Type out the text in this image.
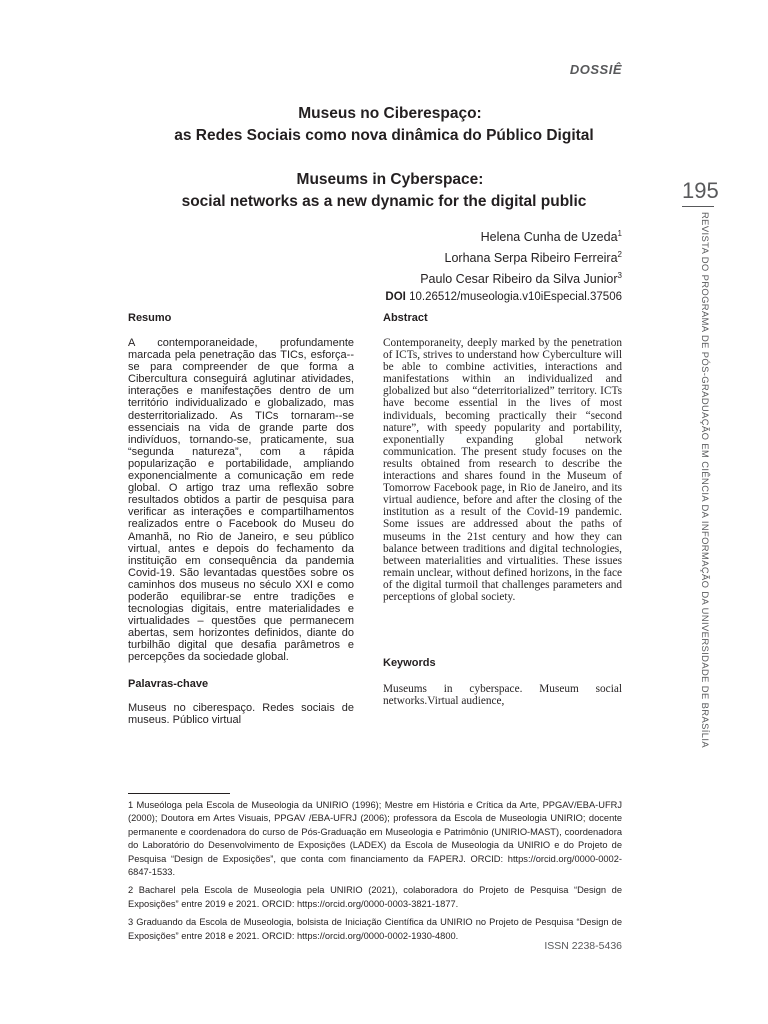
DOSSIÊ
Museus no Ciberespaço:
as Redes Sociais como nova dinâmica do Público Digital
Museums in Cyberspace:
social networks as a new dynamic for the digital public	195
REVISTA DO PROGRAMA DE PÓS-GRADUAÇÃO EM CIÊNCIA DA INFORMAÇÃO DA UNIVERSIDADE DE BRASÍLIA
Helena Cunha de Uzeda$^1$
Lorhana Serpa Ribeiro Ferreira$^2$
Paulo Cesar Ribeiro da Silva Junior$^3$
DOI 10.26512/museologia.v10iEspecial.37506
Resumo
A contemporaneidade, profundamente marcada pela penetração das TICs, esforça--se para compreender de que forma a Cibercultura conseguirá aglutinar atividades, interações e manifestações dentro de um território individualizado e globalizado, mas desterritorializado. As TICs tornaram--se essenciais na vida de grande parte dos indivíduos, tornando-se, praticamente, sua “segunda natureza”, com a rápida popularização e portabilidade, ampliando exponencialmente a comunicação em rede global. O artigo traz uma reflexão sobre resultados obtidos a partir de pesquisa para verificar as interações e compartilhamentos realizados entre o Facebook do Museu do Amanhã, no Rio de Janeiro, e seu público virtual, antes e depois do fechamento da instituição em consequência da pandemia Covid-19. São levantadas questões sobre os caminhos dos museus no século XXI e como poderão equilibrar-se entre tradições e tecnologias digitais, entre materialidades e virtualidades – questões que permanecem abertas, sem horizontes definidos, diante do turbilhão digital que desafia parâmetros e percepções da sociedade global.
Palavras-chave
Museus no ciberespaço. Redes sociais de museus. Público virtual
Abstract
Contemporaneity, deeply marked by the penetration of ICTs, strives to understand how Cyberculture will be able to combine activities, interactions and manifestations within an individualized and globalized but also “deterritorialized” territory. ICTs have become essential in the lives of most individuals, becoming practically their “second nature”, with speedy popularity and portability, exponentially expanding global network communication. The present study focuses on the results obtained from research to describe the interactions and shares found in the Museum of Tomorrow Facebook page, in Rio de Janeiro, and its virtual audience, before and after the closing of the institution as a result of the Covid-19 pandemic. Some issues are addressed about the paths of museums in the 21st century and how they can balance between traditions and digital technologies, between materialities and virtualities. These issues remain unclear, without defined horizons, in the face of the digital turmoil that challenges parameters and perceptions of global society.
Keywords
Museums in cyberspace. Museum social networks.Virtual audience,

1 Museóloga pela Escola de Museologia da UNIRIO (1996); Mestre em História e Crítica da Arte, PPGAV/EBA-UFRJ (2000); Doutora em Artes Visuais, PPGAV /EBA-UFRJ (2006); professora da Escola de Museologia UNIRIO; docente permanente e coordenadora do curso de Pós-Graduação em Museologia e Patrimônio (UNIRIO-MAST), coordenadora do Laboratório do Desenvolvimento de Exposições (LADEX) da Escola de Museologia da UNIRIO e do Projeto de Pesquisa “Design de Exposições”, que conta com financiamento da FAPERJ. ORCID: https://orcid.org/0000-0002-6847-1533.

2 Bacharel pela Escola de Museologia pela UNIRIO (2021), colaboradora do Projeto de Pesquisa “Design de Exposições” entre 2019 e 2021. ORCID: https://orcid.org/0000-0003-3821-1877.

3 Graduando da Escola de Museologia, bolsista de Iniciação Científica da UNIRIO no Projeto de Pesquisa “Design de Exposições” entre 2018 e 2021. ORCID: https://orcid.org/0000-0002-1930-4800.

ISSN 2238-5436
